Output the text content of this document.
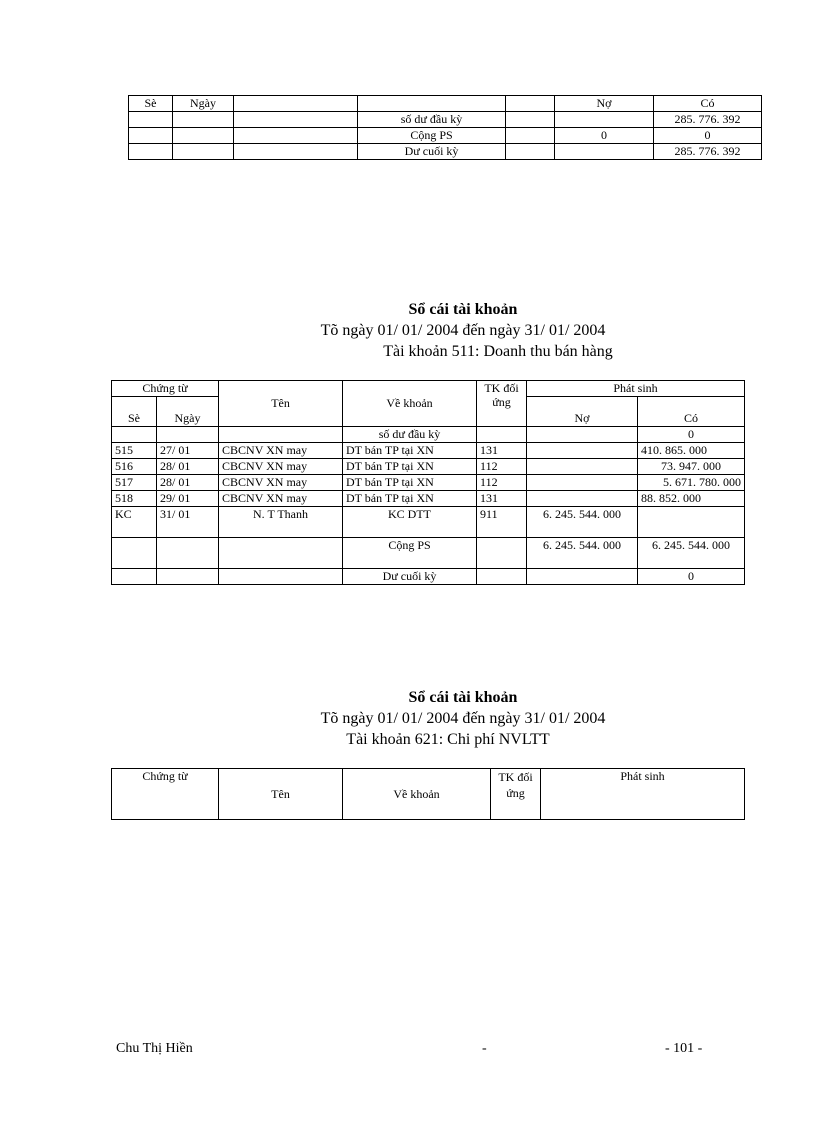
Sè	Ngày				Nợ	Có
			số dư đầu kỳ			285. 776. 392
			Cộng PS		0	0
			Dư cuối kỳ			285. 776. 392
Sổ cái tài khoản
Tõ ngày 01/ 01/ 2004 đến ngày 31/ 01/ 2004
Tài khoản 511: Doanh thu bán hàng
Chứng từ		Tên	Về khoản	TK đối ứng	Phát sinh	
Sè	Ngày				Nợ	Có
			số dư đầu kỳ			0
515	27/ 01	CBCNV XN may	DT bán TP tại XN	131		410. 865. 000
516	28/ 01	CBCNV XN may	DT bán TP tại XN	112		73. 947. 000
517	28/ 01	CBCNV XN may	DT bán TP tại XN	112		5. 671. 780. 000
518	29/ 01	CBCNV XN may	DT bán TP tại XN	131		88. 852. 000
KC	31/ 01	N. T Thanh	KC DTT	911	6. 245. 544. 000	
			Cộng PS		6. 245. 544. 000	6. 245. 544. 000
			Dư cuối kỳ			0
Sổ cái tài khoản
Tõ ngày 01/ 01/ 2004 đến ngày 31/ 01/ 2004
Tài khoản 621: Chi phí NVLTT
Chứng từ	Tên	Về khoản	TK đối ứng	Phát sinh
Chu Thị Hiền	-	- 101 -
